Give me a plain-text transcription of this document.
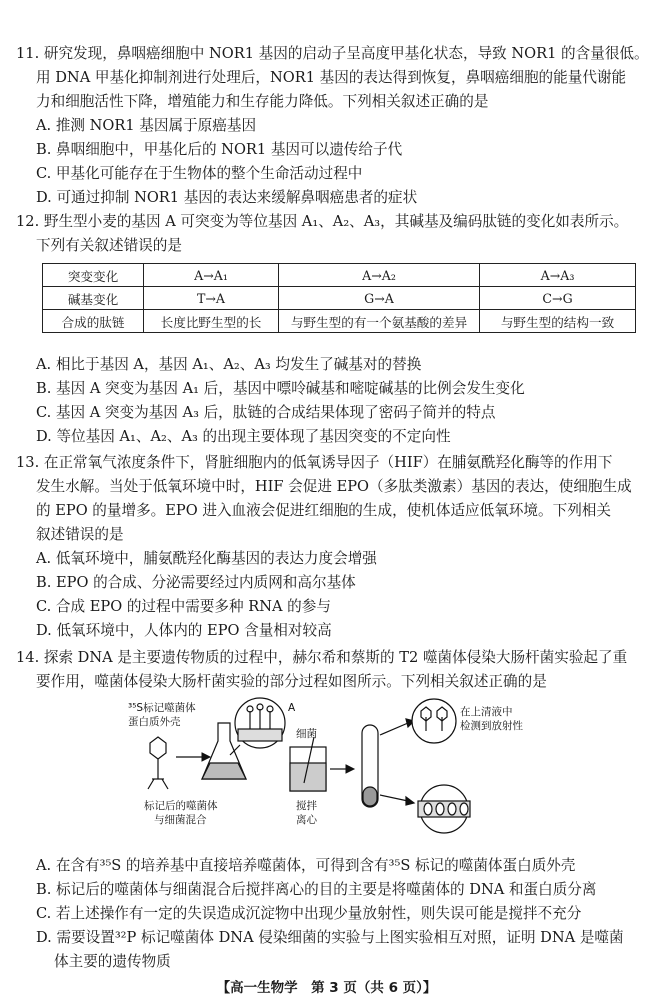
11. 研究发现，鼻咽癌细胞中 NOR1 基因的启动子呈高度甲基化状态，导致 NOR1 的含量很低。
用 DNA 甲基化抑制剂进行处理后，NOR1 基因的表达得到恢复，鼻咽癌细胞的能量代谢能
力和细胞活性下降，增殖能力和生存能力降低。下列相关叙述正确的是
A. 推测 NOR1 基因属于原癌基因
B. 鼻咽细胞中，甲基化后的 NOR1 基因可以遗传给子代
C. 甲基化可能存在于生物体的整个生命活动过程中
D. 可通过抑制 NOR1 基因的表达来缓解鼻咽癌患者的症状
12. 野生型小麦的基因 A 可突变为等位基因 A₁、A₂、A₃，其碱基及编码肽链的变化如表所示。
下列有关叙述错误的是
突变变化	A→A₁	A→A₂	A→A₃
碱基变化	T→A	G→A	C→G
合成的肽链	长度比野生型的长	与野生型的有一个氨基酸的差异	与野生型的结构一致
A. 相比于基因 A，基因 A₁、A₂、A₃ 均发生了碱基对的替换
B. 基因 A 突变为基因 A₁ 后，基因中嘌呤碱基和嘧啶碱基的比例会发生变化
C. 基因 A 突变为基因 A₃ 后，肽链的合成结果体现了密码子简并的特点
D. 等位基因 A₁、A₂、A₃ 的出现主要体现了基因突变的不定向性
13. 在正常氧气浓度条件下，肾脏细胞内的低氧诱导因子（HIF）在脯氨酰羟化酶等的作用下
发生水解。当处于低氧环境中时，HIF 会促进 EPO（多肽类激素）基因的表达，使细胞生成
的 EPO 的量增多。EPO 进入血液会促进红细胞的生成，使机体适应低氧环境。下列相关
叙述错误的是
A. 低氧环境中，脯氨酰羟化酶基因的表达力度会增强
B. EPO 的合成、分泌需要经过内质网和高尔基体
C. 合成 EPO 的过程中需要多种 RNA 的参与
D. 低氧环境中，人体内的 EPO 含量相对较高
14. 探索 DNA 是主要遗传物质的过程中，赫尔希和蔡斯的 T2 噬菌体侵染大肠杆菌实验起了重
要作用，噬菌体侵染大肠杆菌实验的部分过程如图所示。下列相关叙述正确的是
³⁵S标记噬菌体
蛋白质外壳
标记后的噬菌体
与细菌混合
A
细菌
搅拌
离心
在上清液中
检测到放射性
A. 在含有³⁵S 的培养基中直接培养噬菌体，可得到含有³⁵S 标记的噬菌体蛋白质外壳
B. 标记后的噬菌体与细菌混合后搅拌离心的目的主要是将噬菌体的 DNA 和蛋白质分离
C. 若上述操作有一定的失误造成沉淀物中出现少量放射性，则失误可能是搅拌不充分
D. 需要设置³²P 标记噬菌体 DNA 侵染细菌的实验与上图实验相互对照，证明 DNA 是噬菌
体主要的遗传物质
【高一生物学　第 3 页（共 6 页）】
